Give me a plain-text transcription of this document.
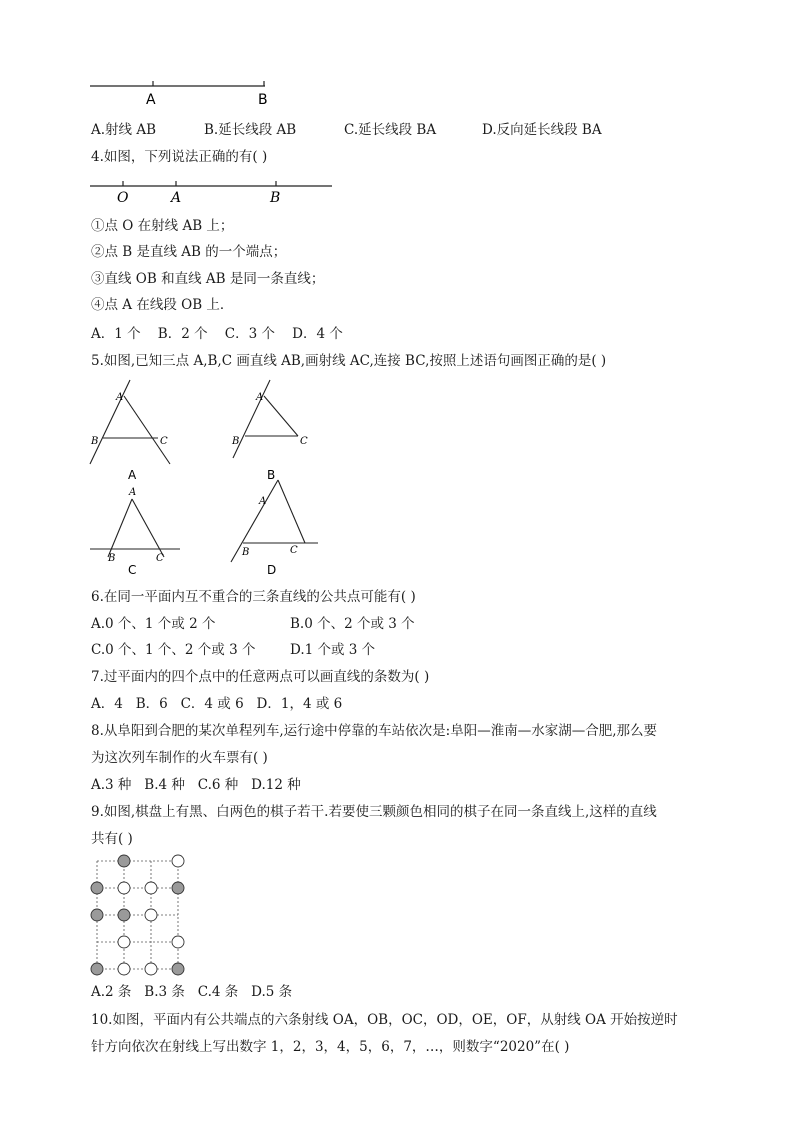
A	B
A.射线 AB	B.延长线段 AB	C.延长线段 BA	D.反向延长线段 BA
4.如图，下列说法正确的有( )
O	A	B
①点 O 在射线 AB 上；
②点 B 是直线 AB 的一个端点；
③直线 OB 和直线 AB 是同一条直线；
④点 A 在线段 OB 上．
A．1 个    B．2 个    C．3 个    D．4 个
5.如图,已知三点 A,B,C 画直线 AB,画射线 AC,连接 BC,按照上述语句画图正确的是( )
A
B	C
A
A
B	C
B
A
B	C
C
A
B	C
D
6.在同一平面内互不重合的三条直线的公共点可能有( )
A.0 个、1 个或 2 个	B.0 个、2 个或 3 个
C.0 个、1 个、2 个或 3 个	D.1 个或 3 个
7.过平面内的四个点中的任意两点可以画直线的条数为( )
A．4   B．6   C．4 或 6   D．1，4 或 6
8.从阜阳到合肥的某次单程列车,运行途中停靠的车站依次是:阜阳—淮南—水家湖—合肥,那么要
为这次列车制作的火车票有( )
A.3 种   B.4 种   C.6 种   D.12 种
9.如图,棋盘上有黑、白两色的棋子若干.若要使三颗颜色相同的棋子在同一条直线上,这样的直线
共有( )
A.2 条   B.3 条   C.4 条   D.5 条
10.如图，平面内有公共端点的六条射线 OA，OB，OC，OD，OE，OF，从射线 OA 开始按逆时
针方向依次在射线上写出数字 1，2，3，4，5，6，7，…，则数字“2020”在( )
